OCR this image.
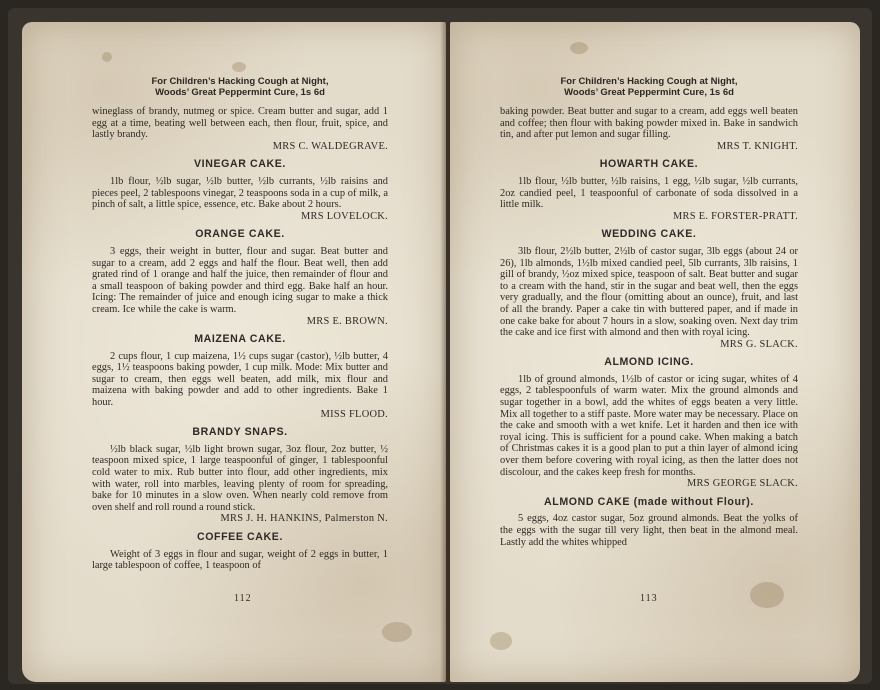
For Children’s Hacking Cough at Night,
Woods’ Great Peppermint Cure, 1s 6d

wineglass of brandy, nutmeg or spice. Cream butter and sugar, add 1 egg at a time, beating well between each, then flour, fruit, spice, and lastly brandy.

MRS C. WALDEGRAVE.
VINEGAR CAKE.

1lb flour, ½lb sugar, ½lb butter, ½lb currants, ½lb raisins and pieces peel, 2 tablespoons vinegar, 2 teaspoons soda in a cup of milk, a pinch of salt, a little spice, essence, etc. Bake about 2 hours.

MRS LOVELOCK.
ORANGE CAKE.

3 eggs, their weight in butter, flour and sugar. Beat butter and sugar to a cream, add 2 eggs and half the flour. Beat well, then add grated rind of 1 orange and half the juice, then remainder of flour and a small teaspoon of baking powder and third egg. Bake half an hour. Icing: The remainder of juice and enough icing sugar to make a thick cream. Ice while the cake is warm.

MRS E. BROWN.
MAIZENA CAKE.

2 cups flour, 1 cup maizena, 1½ cups sugar (castor), ½lb butter, 4 eggs, 1½ teaspoons baking powder, 1 cup milk. Mode: Mix butter and sugar to cream, then eggs well beaten, add milk, mix flour and maizena with baking powder and add to other ingredients. Bake 1 hour.

MISS FLOOD.
BRANDY SNAPS.

½lb black sugar, ½lb light brown sugar, 3oz flour, 2oz butter, ½ teaspoon mixed spice, 1 large teaspoonful of ginger, 1 tablespoonful cold water to mix. Rub butter into flour, add other ingredients, mix with water, roll into marbles, leaving plenty of room for spreading, bake for 10 minutes in a slow oven. When nearly cold remove from oven shelf and roll round a round stick.

MRS J. H. HANKINS, Palmerston N.
COFFEE CAKE.

Weight of 3 eggs in flour and sugar, weight of 2 eggs in butter, 1 large tablespoon of coffee, 1 teaspoon of

112
For Children’s Hacking Cough at Night,
Woods’ Great Peppermint Cure, 1s 6d

baking powder. Beat butter and sugar to a cream, add eggs well beaten and coffee; then flour with baking powder mixed in. Bake in sandwich tin, and after put lemon and sugar filling.

MRS T. KNIGHT.
HOWARTH CAKE.

1lb flour, ½lb butter, ½lb raisins, 1 egg, ½lb sugar, ½lb currants, 2oz candied peel, 1 teaspoonful of carbonate of soda dissolved in a little milk.

MRS E. FORSTER-PRATT.
WEDDING CAKE.

3lb flour, 2½lb butter, 2½lb of castor sugar, 3lb eggs (about 24 or 26), 1lb almonds, 1½lb mixed candied peel, 5lb currants, 3lb raisins, 1 gill of brandy, ½oz mixed spice, teaspoon of salt. Beat butter and sugar to a cream with the hand, stir in the sugar and beat well, then the eggs very gradually, and the flour (omitting about an ounce), fruit, and last of all the brandy. Paper a cake tin with buttered paper, and if made in one cake bake for about 7 hours in a slow, soaking oven. Next day trim the cake and ice first with almond and then with royal icing.

MRS G. SLACK.
ALMOND ICING.

1lb of ground almonds, 1½lb of castor or icing sugar, whites of 4 eggs, 2 tablespoonfuls of warm water. Mix the ground almonds and sugar together in a bowl, add the whites of eggs beaten a very little. Mix all together to a stiff paste. More water may be necessary. Place on the cake and smooth with a wet knife. Let it harden and then ice with royal icing. This is sufficient for a pound cake. When making a batch of Christmas cakes it is a good plan to put a thin layer of almond icing over them before covering with royal icing, as then the latter does not discolour, and the cakes keep fresh for months.

MRS GEORGE SLACK.
ALMOND CAKE (made without Flour).

5 eggs, 4oz castor sugar, 5oz ground almonds. Beat the yolks of the eggs with the sugar till very light, then beat in the almond meal. Lastly add the whites whipped

113
